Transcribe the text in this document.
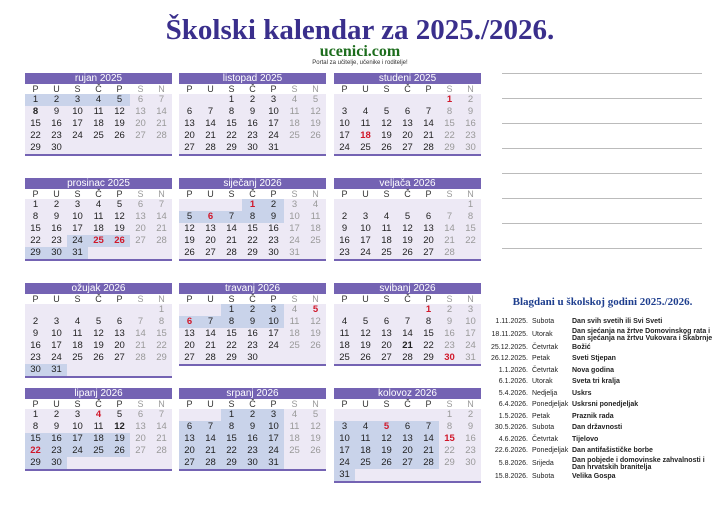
Školski kalendar za 2025./2026.
ucenici.com
Portal za učitelje, učenike i roditelje!
rujan 2025
P	U	S	Č	P	S	N
1	2	3	4	5	6	7
8	9	10	11	12	13	14
15	16	17	18	19	20	21
22	23	24	25	26	27	28
29	30					
listopad 2025
P	U	S	Č	P	S	N
		1	2	3	4	5
6	7	8	9	10	11	12
13	14	15	16	17	18	19
20	21	22	23	24	25	26
27	28	29	30	31		
studeni 2025
P	U	S	Č	P	S	N
					1	2
3	4	5	6	7	8	9
10	11	12	13	14	15	16
17	18	19	20	21	22	23
24	25	26	27	28	29	30
prosinac 2025
P	U	S	Č	P	S	N
1	2	3	4	5	6	7
8	9	10	11	12	13	14
15	16	17	18	19	20	21
22	23	24	25	26	27	28
29	30	31				
siječanj 2026
P	U	S	Č	P	S	N
			1	2	3	4
5	6	7	8	9	10	11
12	13	14	15	16	17	18
19	20	21	22	23	24	25
26	27	28	29	30	31	
veljača 2026
P	U	S	Č	P	S	N
						1
2	3	4	5	6	7	8
9	10	11	12	13	14	15
16	17	18	19	20	21	22
23	24	25	26	27	28	
ožujak 2026
P	U	S	Č	P	S	N
						1
2	3	4	5	6	7	8
9	10	11	12	13	14	15
16	17	18	19	20	21	22
23	24	25	26	27	28	29
30	31					
travanj 2026
P	U	S	Č	P	S	N
		1	2	3	4	5
6	7	8	9	10	11	12
13	14	15	16	17	18	19
20	21	22	23	24	25	26
27	28	29	30			
svibanj 2026
P	U	S	Č	P	S	N
				1	2	3
4	5	6	7	8	9	10
11	12	13	14	15	16	17
18	19	20	21	22	23	24
25	26	27	28	29	30	31
lipanj 2026
P	U	S	Č	P	S	N
1	2	3	4	5	6	7
8	9	10	11	12	13	14
15	16	17	18	19	20	21
22	23	24	25	26	27	28
29	30					
srpanj 2026
P	U	S	Č	P	S	N
		1	2	3	4	5
6	7	8	9	10	11	12
13	14	15	16	17	18	19
20	21	22	23	24	25	26
27	28	29	30	31		
kolovoz 2026
P	U	S	Č	P	S	N
					1	2
3	4	5	6	7	8	9
10	11	12	13	14	15	16
17	18	19	20	21	22	23
24	25	26	27	28	29	30
31						
Blagdani u školskoj godini 2025./2026.
1.11.2025. Subota	Dan svih svetih ili Svi Sveti
18.11.2025. Utorak	Dan sjećanja na žrtve Domovinskog rata i Dan sjećanja na žrtvu Vukovara i Škabrnje
25.12.2025. Četvrtak	Božić
26.12.2025. Petak	Sveti Stjepan
1.1.2026. Četvrtak	Nova godina
6.1.2026. Utorak	Sveta tri kralja
5.4.2026. Nedjelja	Uskrs
6.4.2026. Ponedjeljak Uskrsni ponedjeljak
1.5.2026. Petak	Praznik rada
30.5.2026. Subota	Dan državnosti
4.6.2026. Četvrtak	Tijelovo
22.6.2026. Ponedjeljak Dan antifašističke borbe
5.8.2026. Srijeda	Dan pobjede i domovinske zahvalnosti i Dan hrvatskih branitelja
15.8.2026. Subota	Velika Gospa
